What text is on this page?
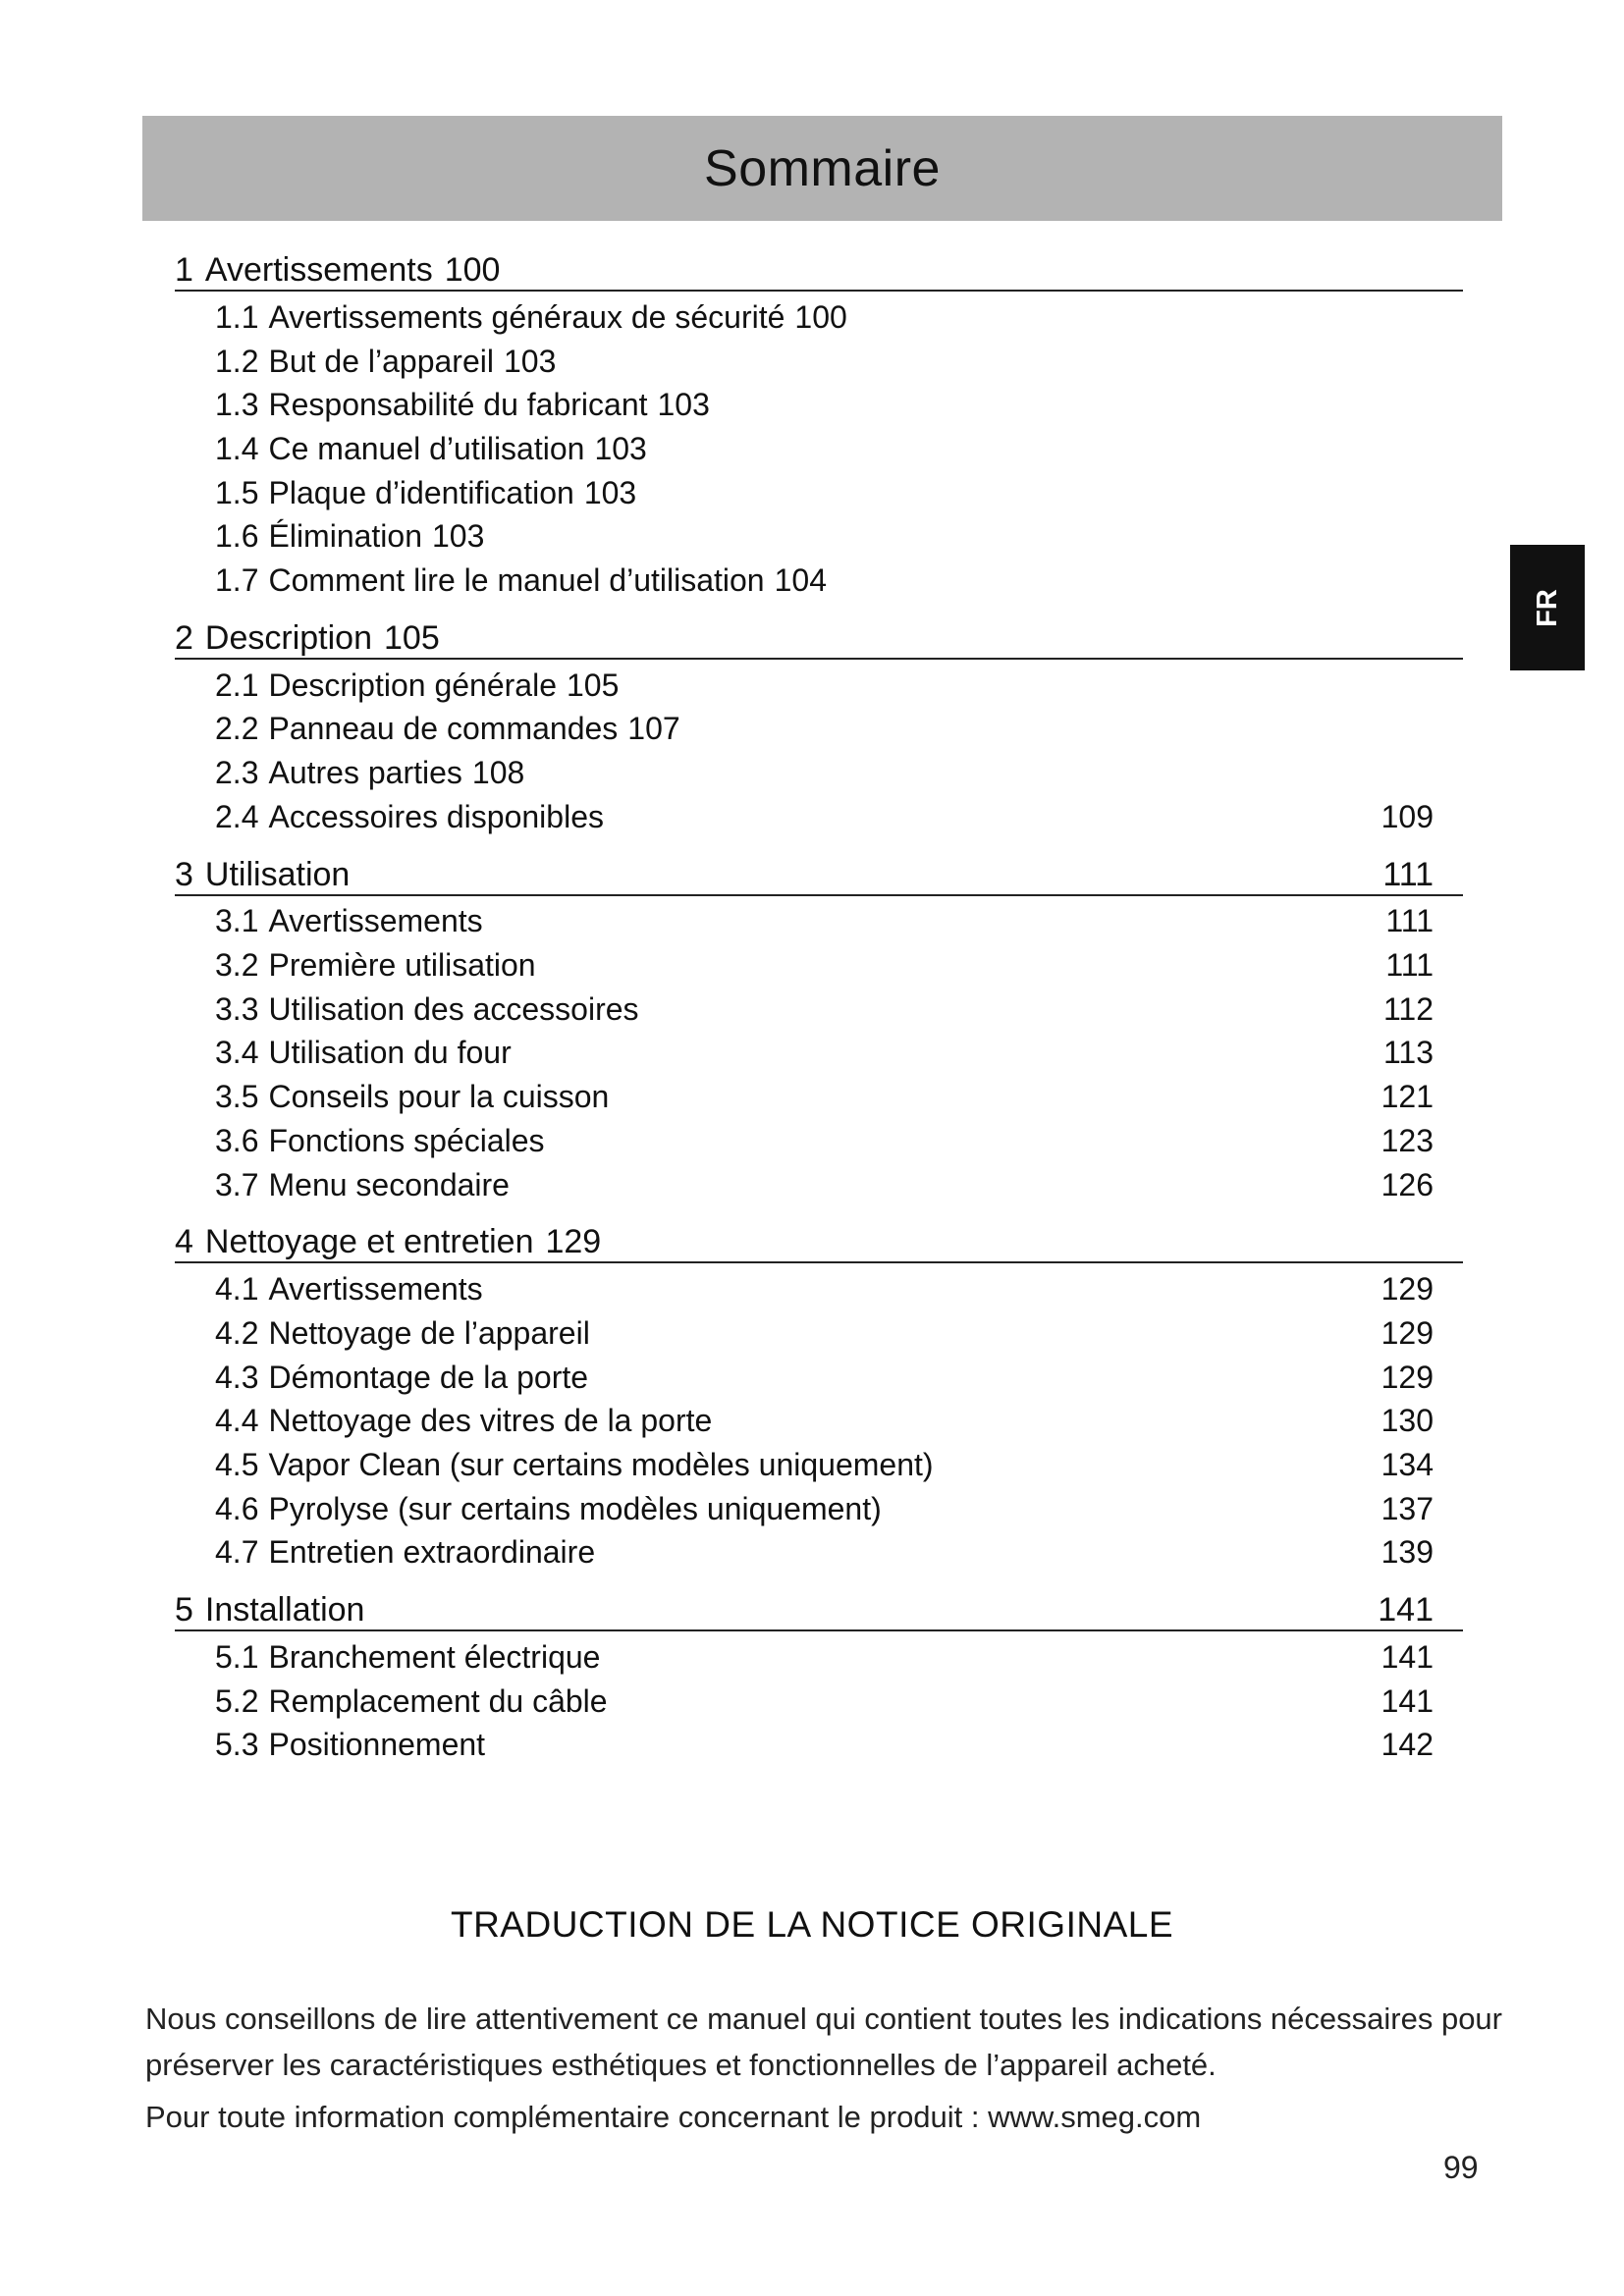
Sommaire
FR
1 Avertissements 100
1.1 Avertissements généraux de sécurité 100
1.2 But de l’appareil 103
1.3 Responsabilité du fabricant 103
1.4 Ce manuel d’utilisation 103
1.5 Plaque d’identification 103
1.6 Élimination 103
1.7 Comment lire le manuel d’utilisation 104
2 Description 105
2.1 Description générale 105
2.2 Panneau de commandes 107
2.3 Autres parties 108
2.4 Accessoires disponibles	109
3 Utilisation	111
3.1 Avertissements	111
3.2 Première utilisation	111
3.3 Utilisation des accessoires	112
3.4 Utilisation du four	113
3.5 Conseils pour la cuisson	121
3.6 Fonctions spéciales	123
3.7 Menu secondaire	126
4 Nettoyage et entretien 129
4.1 Avertissements	129
4.2 Nettoyage de l’appareil	129
4.3 Démontage de la porte	129
4.4 Nettoyage des vitres de la porte	130
4.5 Vapor Clean (sur certains modèles uniquement)	134
4.6 Pyrolyse (sur certains modèles uniquement)	137
4.7 Entretien extraordinaire	139
5 Installation	141
5.1 Branchement électrique	141
5.2 Remplacement du câble	141
5.3 Positionnement	142
TRADUCTION DE LA NOTICE ORIGINALE

Nous conseillons de lire attentivement ce manuel qui contient toutes les indications nécessaires pour préserver les caractéristiques esthétiques et fonctionnelles de l’appareil acheté.

Pour toute information complémentaire concernant le produit : www.smeg.com

99
